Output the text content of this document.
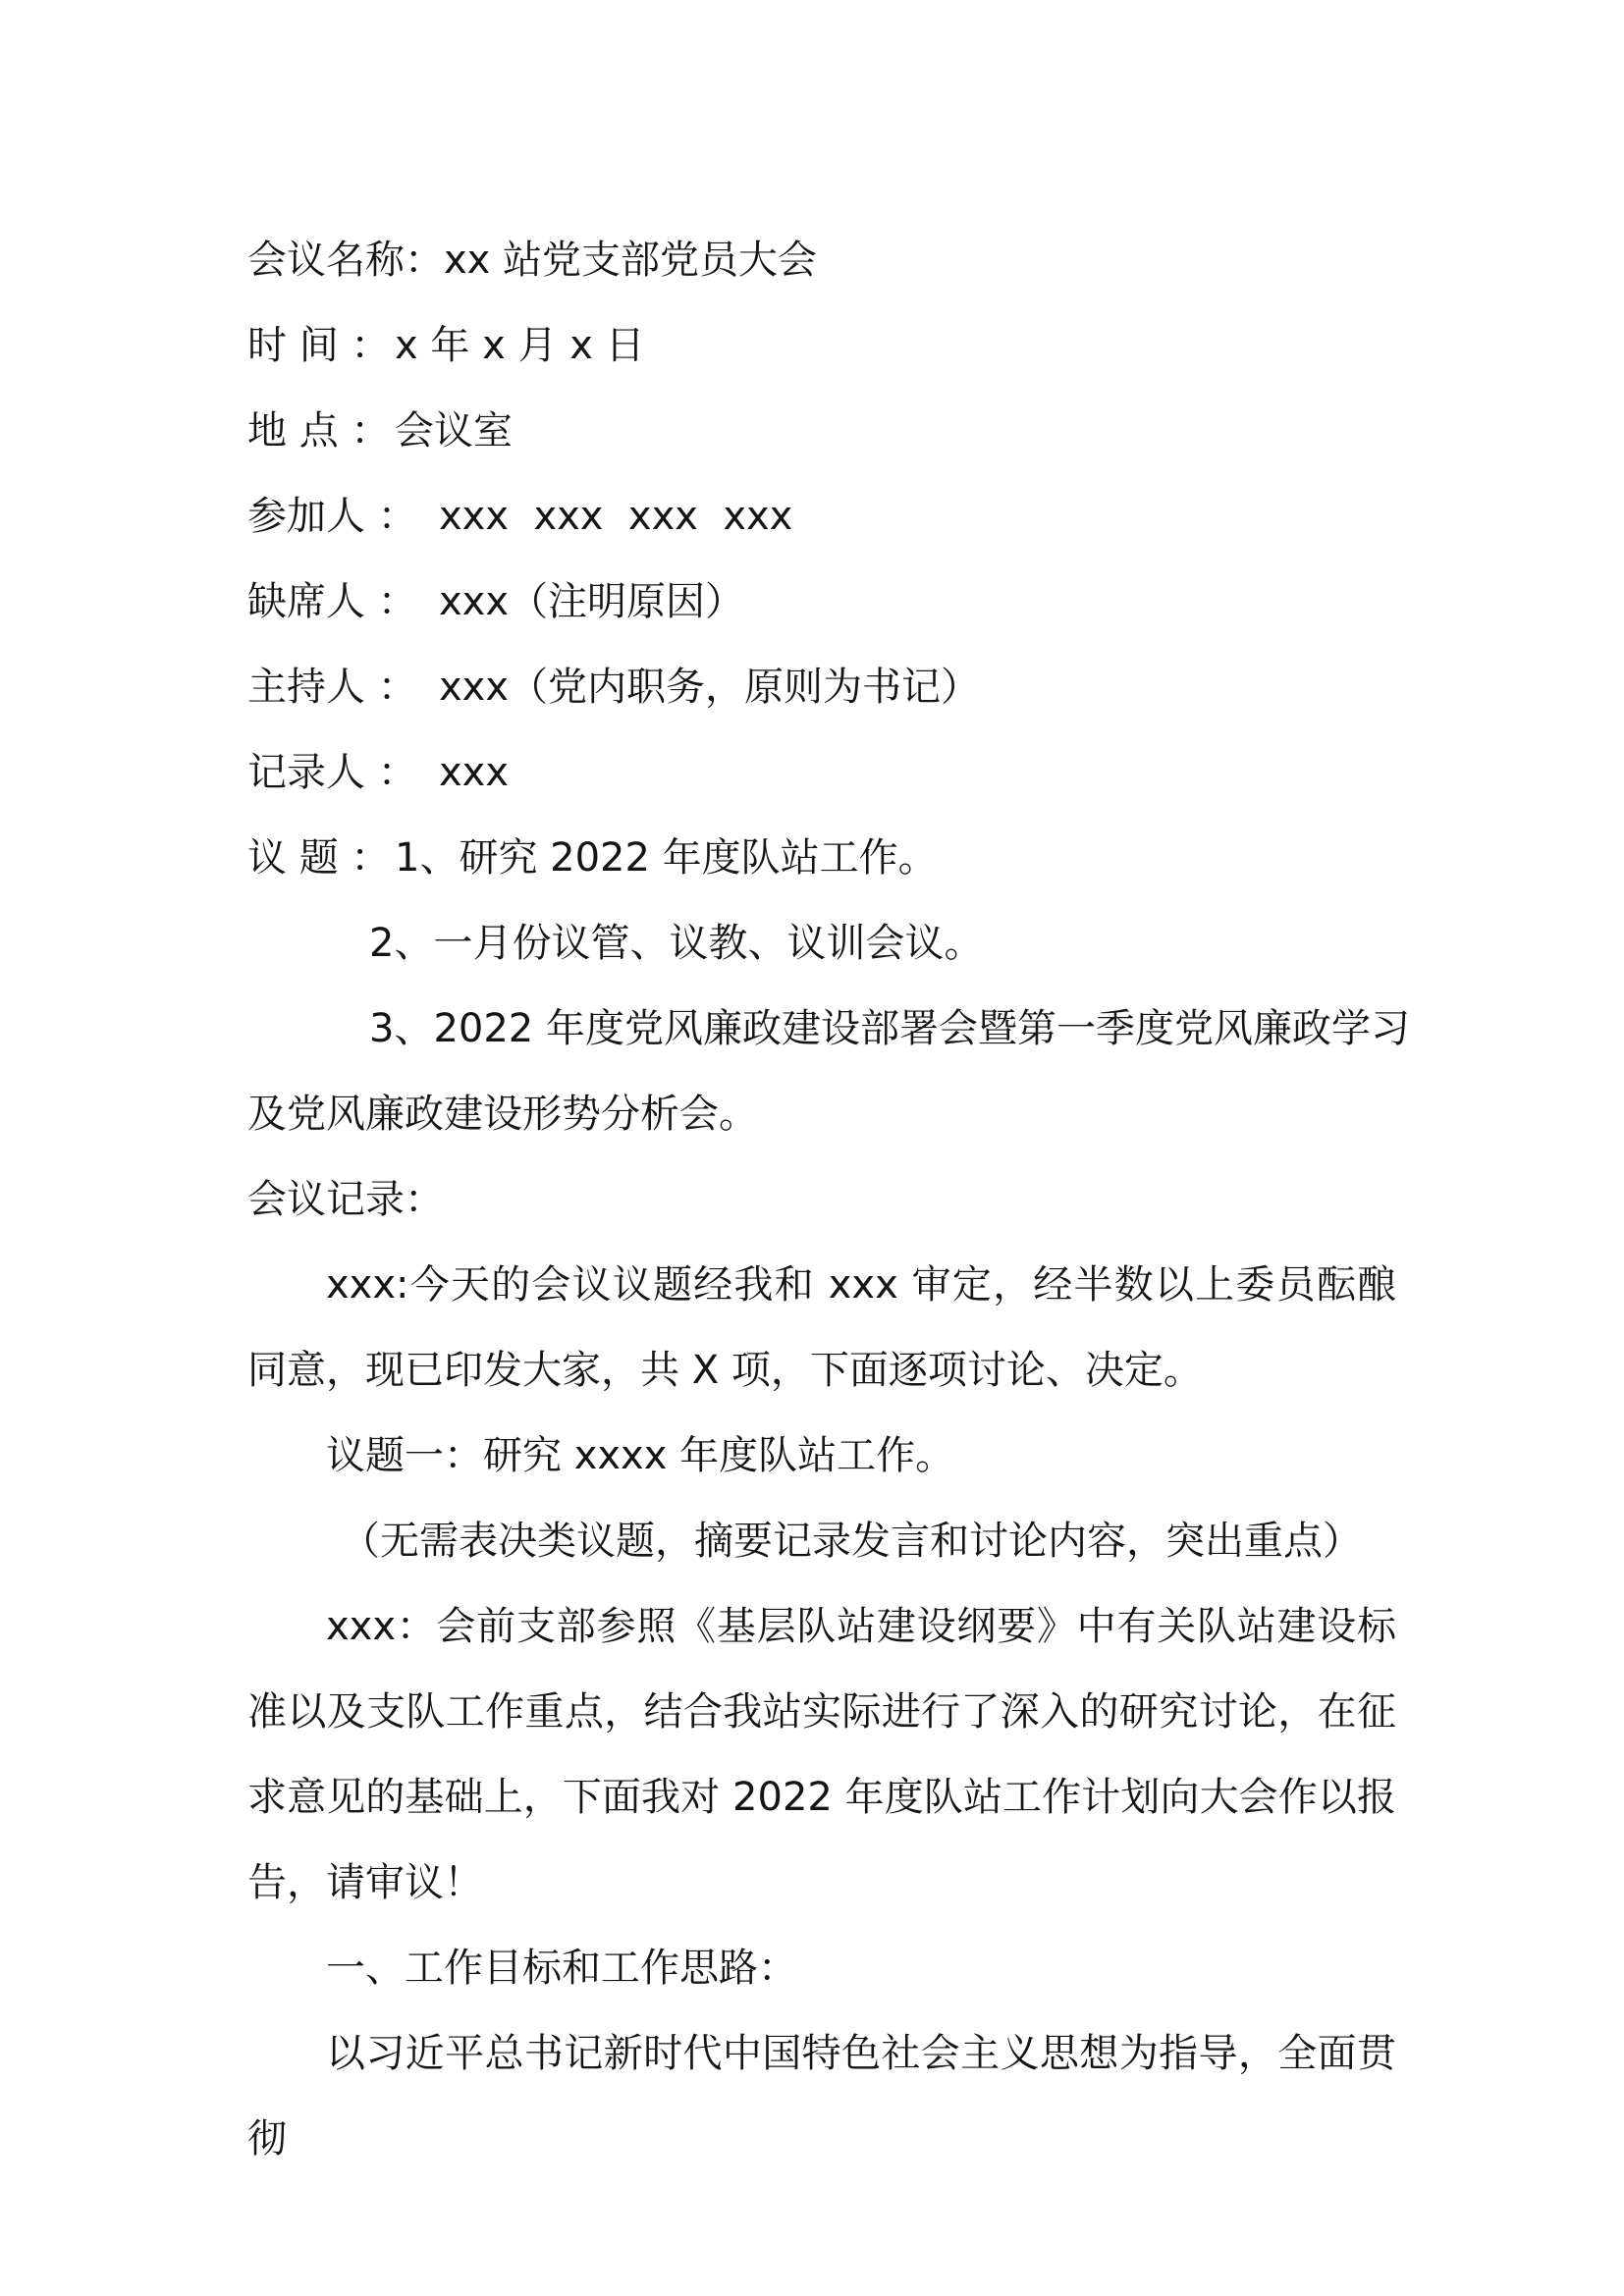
会议名称：xx 站党支部党员大会
时 间 ： x 年 x 月 x 日
地 点 ： 会议室
参加人 ： xxx  xxx  xxx  xxx
缺席人 ： xxx（注明原因）
主持人 ： xxx（党内职务，原则为书记）
记录人 ： xxx
议 题 ： 1、研究 2022 年度队站工作。
2、一月份议管、议教、议训会议。
3、2022 年度党风廉政建设部署会暨第一季度党风廉政学习
及党风廉政建设形势分析会。
会议记录：
xxx:今天的会议议题经我和 xxx 审定，经半数以上委员酝酿同意，现已印发大家，共 X 项，下面逐项讨论、决定。
议题一：研究 xxxx 年度队站工作。
（无需表决类议题，摘要记录发言和讨论内容，突出重点）
xxx：会前支部参照《基层队站建设纲要》中有关队站建设标准以及支队工作重点，结合我站实际进行了深入的研究讨论，在征求意见的基础上，下面我对 2022 年度队站工作计划向大会作以报告，请审议！
一、工作目标和工作思路：
以习近平总书记新时代中国特色社会主义思想为指导，全面贯彻
